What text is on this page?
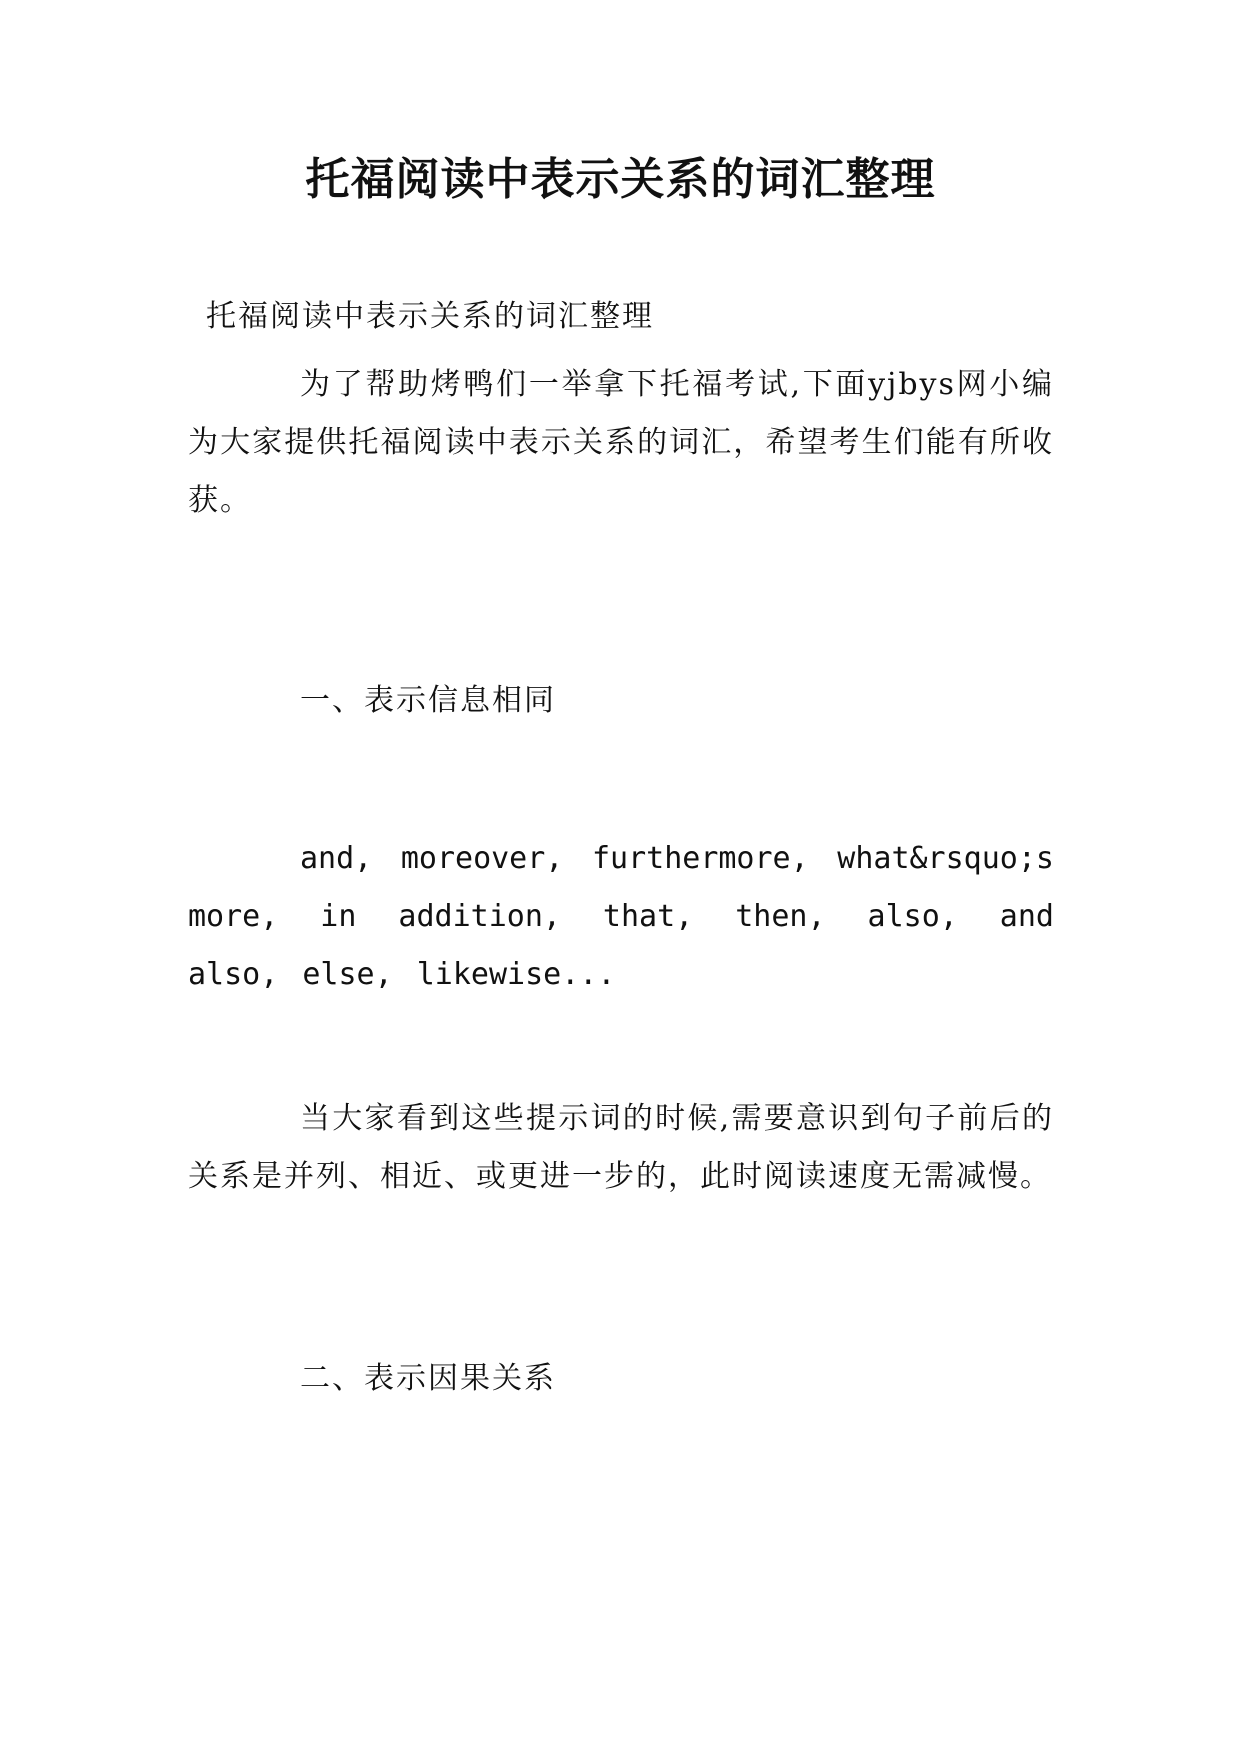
托福阅读中表示关系的词汇整理
托福阅读中表示关系的词汇整理
为了帮助烤鸭们一举拿下托福考试,下面yjbys网小编为大家提供托福阅读中表示关系的词汇，希望考生们能有所收获。
一、表示信息相同
and, moreover, furthermore, what&rsquo;s more, in addition, that, then, also, and also, else, likewise...
当大家看到这些提示词的时候,需要意识到句子前后的关系是并列、相近、或更进一步的，此时阅读速度无需减慢。
二、表示因果关系
